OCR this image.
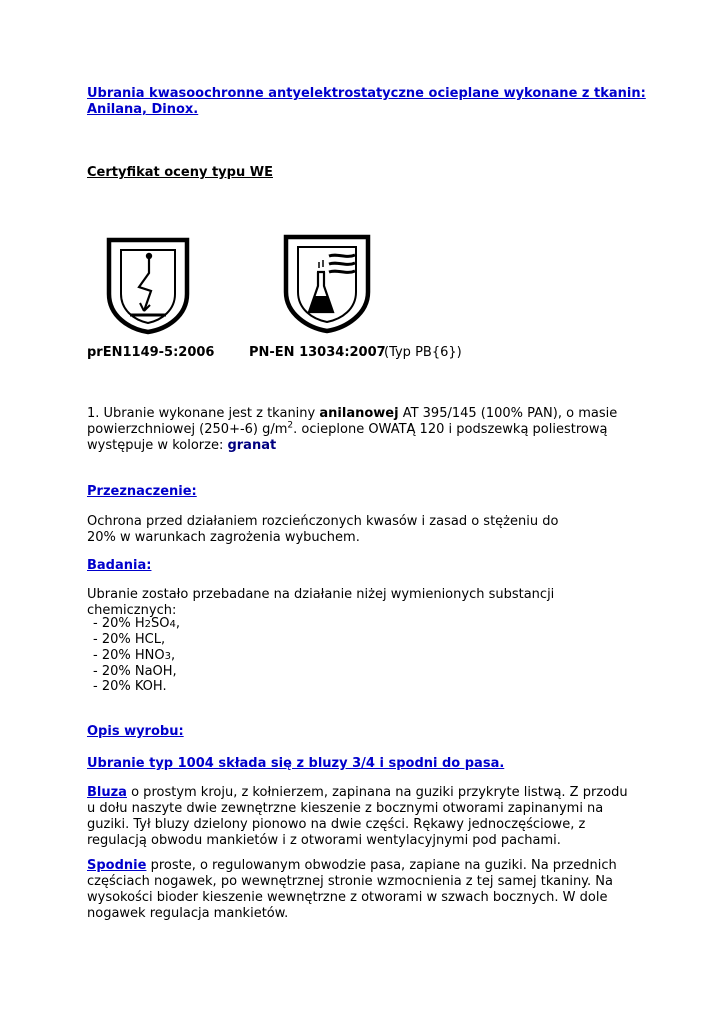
Ubrania kwasoochronne antyelektrostatyczne ocieplane wykonane z tkanin: Anilana, Dinox.

Certyfikat oceny typu WE

prEN1149-5:2006	PN-EN 13034:2007
(Typ PB{6})

1. Ubranie wykonane jest z tkaniny anilanowej AT 395/145 (100% PAN), o masie powierzchniowej (250+-6) $g/m^2$. ocieplone OWATĄ 120 i podszewką poliestrową występuje w kolorze: granat

Przeznaczenie:

Ochrona przed działaniem rozcieńczonych kwasów i zasad o stężeniu do 20% w warunkach zagrożenia wybuchem.

Badania:

Ubranie zostało przebadane na działanie niżej wymienionych substancji chemicznych:

- 20% H2SO4,
- 20% HCL,
- 20% HNO3,
- 20% NaOH,
- 20% KOH.

Opis wyrobu:

Ubranie typ 1004 składa się z bluzy 3/4 i spodni do pasa.

Bluza o prostym kroju, z kołnierzem, zapinana na guziki przykryte listwą. Z przodu u dołu naszyte dwie zewnętrzne kieszenie z bocznymi otworami zapinanymi na guziki. Tył bluzy dzielony pionowo na dwie części. Rękawy jednoczęściowe, z regulacją obwodu mankietów i z otworami wentylacyjnymi pod pachami.

Spodnie proste, o regulowanym obwodzie pasa, zapiane na guziki. Na przednich częściach nogawek, po wewnętrznej stronie wzmocnienia z tej samej tkaniny. Na wysokości bioder kieszenie wewnętrzne z otworami w szwach bocznych. W dole nogawek regulacja mankietów.
